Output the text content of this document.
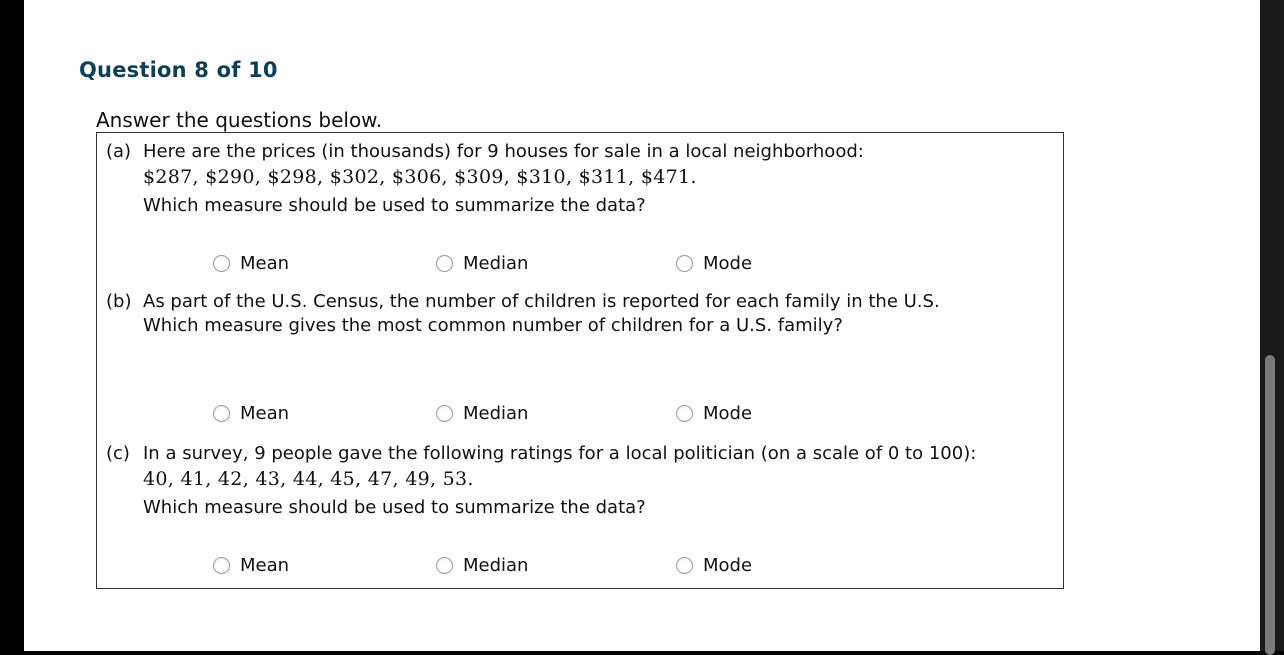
Question 8 of 10
Answer the questions below.
(a) Here are the prices (in thousands) for 9 houses for sale in a local neighborhood:
$287, $290, $298, $302, $306, $309, $310, $311, $471.
Which measure should be used to summarize the data?
Mean	Median	Mode
(b) As part of the U.S. Census, the number of children is reported for each family in the U.S.
Which measure gives the most common number of children for a U.S. family?
Mean	Median	Mode
(c) In a survey, 9 people gave the following ratings for a local politician (on a scale of 0 to 100):
40, 41, 42, 43, 44, 45, 47, 49, 53.
Which measure should be used to summarize the data?
Mean	Median	Mode
